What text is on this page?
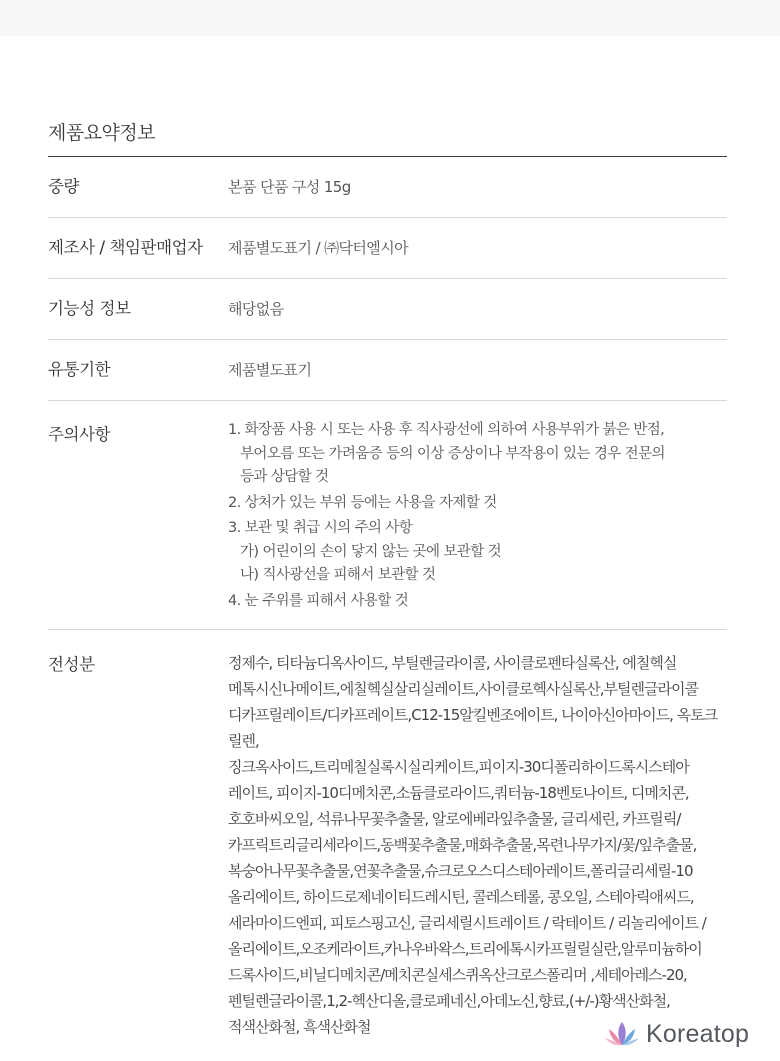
제품요약정보
중량	본품 단품 구성 15g
제조사 / 책임판매업자	제품별도표기 / ㈜닥터엘시아
기능성 정보	해당없음
유통기한	제품별도표기
주의사항	1. 화장품 사용 시 또는 사용 후 직사광선에 의하여 사용부위가 붉은 반점,
부어오름 또는 가려움증 등의 이상 증상이나 부작용이 있는 경우 전문의
등과 상담할 것
2. 상처가 있는 부위 등에는 사용을 자제할 것
3. 보관 및 취급 시의 주의 사항
가) 어린이의 손이 닿지 않는 곳에 보관할 것
나) 직사광선을 피해서 보관할 것
4. 눈 주위를 피해서 사용할 것
전성분	정제수, 티타늄디옥사이드, 부틸렌글라이콜, 사이클로펜타실록산, 에칠헥실
메톡시신나메이트,에칠헥실살리실레이트,사이클로헥사실록산,부틸렌글라이콜
디카프릴레이트/디카프레이트,C12-15알킬벤조에이트, 나이아신아마이드, 옥토크릴렌,
징크옥사이드,트리메칠실록시실리케이트,피이지-30디폴리하이드록시스테아
레이트, 피이지-10디메치콘,소듐클로라이드,쿼터늄-18벤토나이트, 디메치콘,
호호바씨오일, 석류나무꽃추출물, 알로에베라잎추출물, 글리세린, 카프릴릭/
카프릭트리글리세라이드,동백꽃추출물,매화추출물,목련나무가지/꽃/잎추출물,
복숭아나무꽃추출물,연꽃추출물,슈크로오스디스테아레이트,폴리글리세릴-10
올리에이트, 하이드로제네이티드레시틴, 콜레스테롤, 콩오일, 스테아릭애씨드,
세라마이드엔피, 피토스핑고신, 글리세릴시트레이트 / 락테이트 / 리놀리에이트 /
올리에이트,오조케라이트,카나우바왁스,트리에톡시카프릴릴실란,알루미늄하이
드록사이드,비닐디메치콘/메치콘실세스퀴옥산크로스폴리머 ,세테아레스-20,
펜틸렌글라이콜,1,2-헥산디올,클로페네신,아데노신,향료,(+/-)황색산화철,
적색산화철, 흑색산화철	Koreatop
